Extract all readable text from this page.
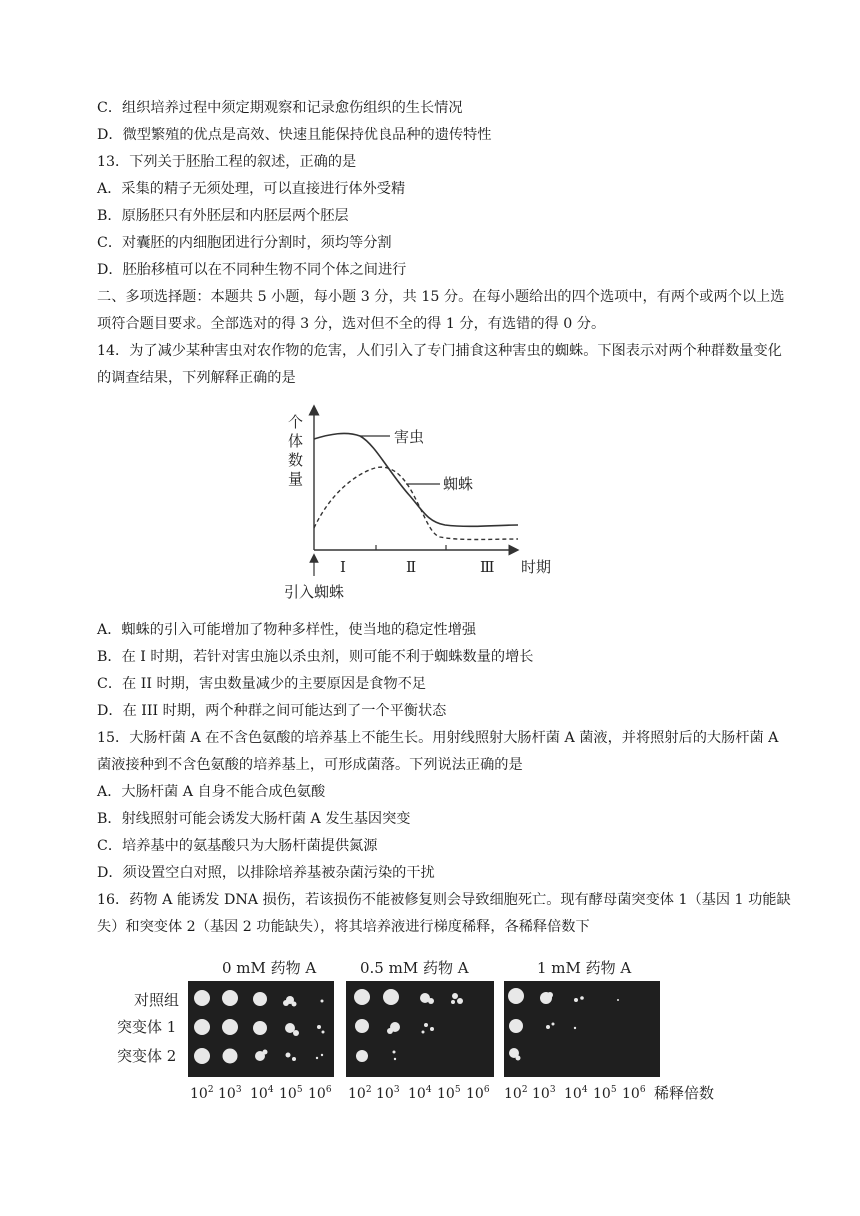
C．组织培养过程中须定期观察和记录愈伤组织的生长情况
D．微型繁殖的优点是高效、快速且能保持优良品种的遗传特性
13．下列关于胚胎工程的叙述，正确的是
A．采集的精子无须处理，可以直接进行体外受精
B．原肠胚只有外胚层和内胚层两个胚层
C．对囊胚的内细胞团进行分割时，须均等分割
D．胚胎移植可以在不同种生物不同个体之间进行
二、多项选择题：本题共 5 小题，每小题 3 分，共 15 分。在每小题给出的四个选项中，有两个或两个以上选
项符合题目要求。全部选对的得 3 分，选对但不全的得 1 分，有选错的得 0 分。
14．为了减少某种害虫对农作物的危害，人们引入了专门捕食这种害虫的蜘蛛。下图表示对两个种群数量变化
的调查结果，下列解释正确的是
个
体
数
量
害虫
蜘蛛
Ⅰ	Ⅱ	Ⅲ 时期
引入蜘蛛
A．蜘蛛的引入可能增加了物种多样性，使当地的稳定性增强
B．在 I 时期，若针对害虫施以杀虫剂，则可能不利于蜘蛛数量的增长
C．在 II 时期，害虫数量减少的主要原因是食物不足
D．在 III 时期，两个种群之间可能达到了一个平衡状态
15．大肠杆菌 A 在不含色氨酸的培养基上不能生长。用射线照射大肠杆菌 A 菌液，并将照射后的大肠杆菌 A
菌液接种到不含色氨酸的培养基上，可形成菌落。下列说法正确的是
A．大肠杆菌 A 自身不能合成色氨酸
B．射线照射可能会诱发大肠杆菌 A 发生基因突变
C．培养基中的氨基酸只为大肠杆菌提供氮源
D．须设置空白对照，以排除培养基被杂菌污染的干扰
16．药物 A 能诱发 DNA 损伤，若该损伤不能被修复则会导致细胞死亡。现有酵母菌突变体 1（基因 1 功能缺
失）和突变体 2（基因 2 功能缺失），将其培养液进行梯度稀释，各稀释倍数下
0 mM 药物 A	0.5 mM 药物 A	1 mM 药物 A
对照组
突变体 1
突变体 2
$10^2$ $10^3$ $10^4$ $10^5$ $10^6$ $10^2$ $10^3$ $10^4$ $10^5$ $10^6$ $10^2$ $10^3$ $10^4$ $10^5$ $10^6$ 稀释倍数
